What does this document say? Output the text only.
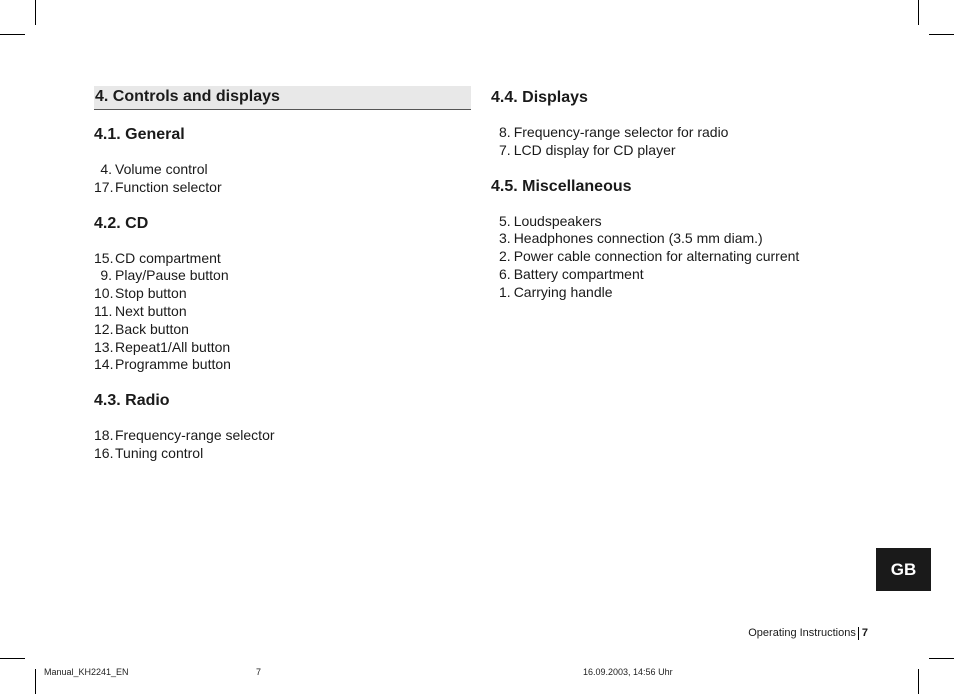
4. Controls and displays
4.1. General
4. Volume control
17. Function selector
4.2. CD
15. CD compartment
9. Play/Pause button
10. Stop button
11. Next button
12. Back button
13. Repeat1/All button
14. Programme button
4.3. Radio
18. Frequency-range selector
16. Tuning control
4.4. Displays
8. Frequency-range selector for radio
7. LCD display for CD player
4.5. Miscellaneous
5. Loudspeakers
3. Headphones connection (3.5 mm diam.)
2. Power cable connection for alternating current
6. Battery compartment
1. Carrying handle
GB
Operating Instructions 7
Manual_KH2241_EN	7	16.09.2003, 14:56 Uhr
